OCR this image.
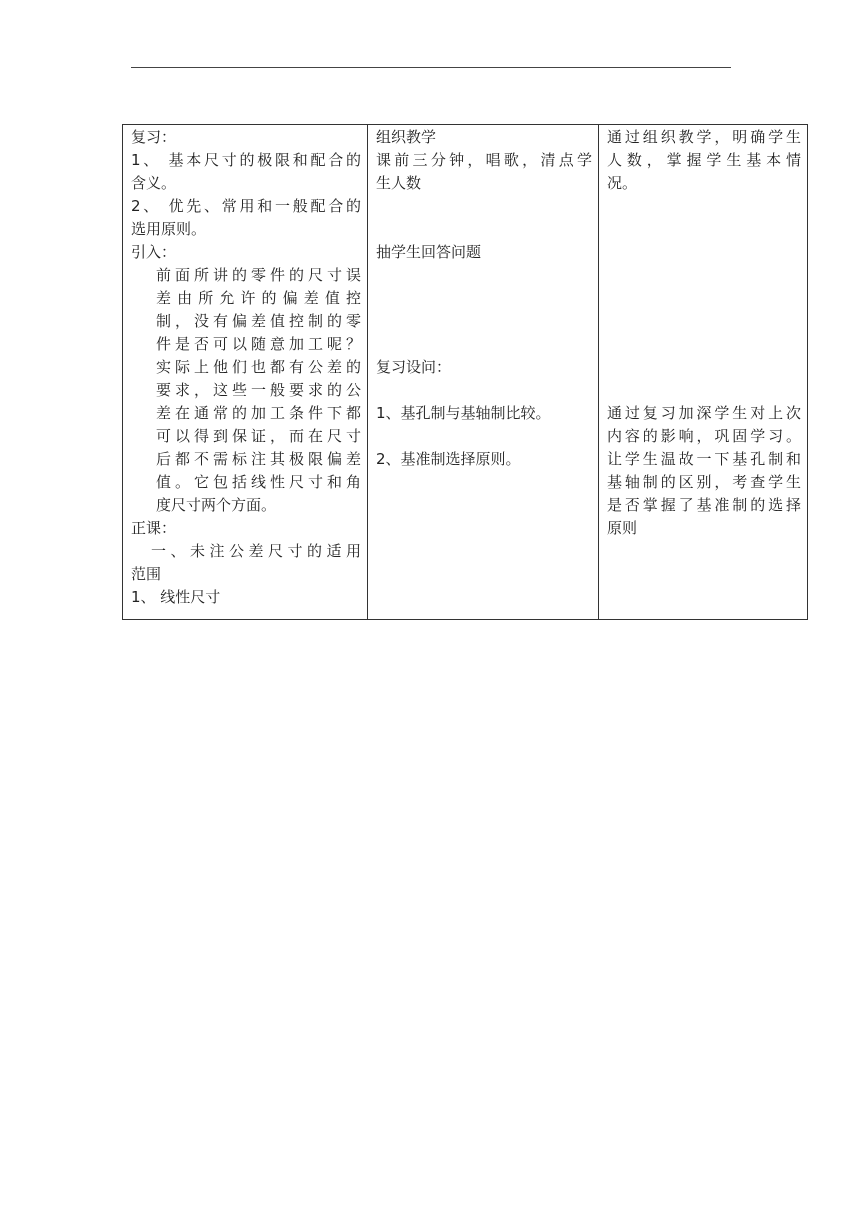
复习：
1、 基本尺寸的极限和配合的
含义。
2、 优先、常用和一般配合的
选用原则。
引入：
前面所讲的零件的尺寸误
差由所允许的偏差值控
制，没有偏差值控制的零
件是否可以随意加工呢？
实际上他们也都有公差的
要求，这些一般要求的公
差在通常的加工条件下都
可以得到保证，而在尺寸
后都不需标注其极限偏差
值。它包括线性尺寸和角
度尺寸两个方面。
正课：
一、未注公差尺寸的适用
范围
1、 线性尺寸

组织教学
课前三分钟，唱歌，清点学
生人数
抽学生回答问题
复习设问：
1、基孔制与基轴制比较。
2、基准制选择原则。

通过组织教学，明确学生
人数，掌握学生基本情
况。
通过复习加深学生对上次
内容的影响，巩固学习。
让学生温故一下基孔制和
基轴制的区别，考查学生
是否掌握了基准制的选择
原则
